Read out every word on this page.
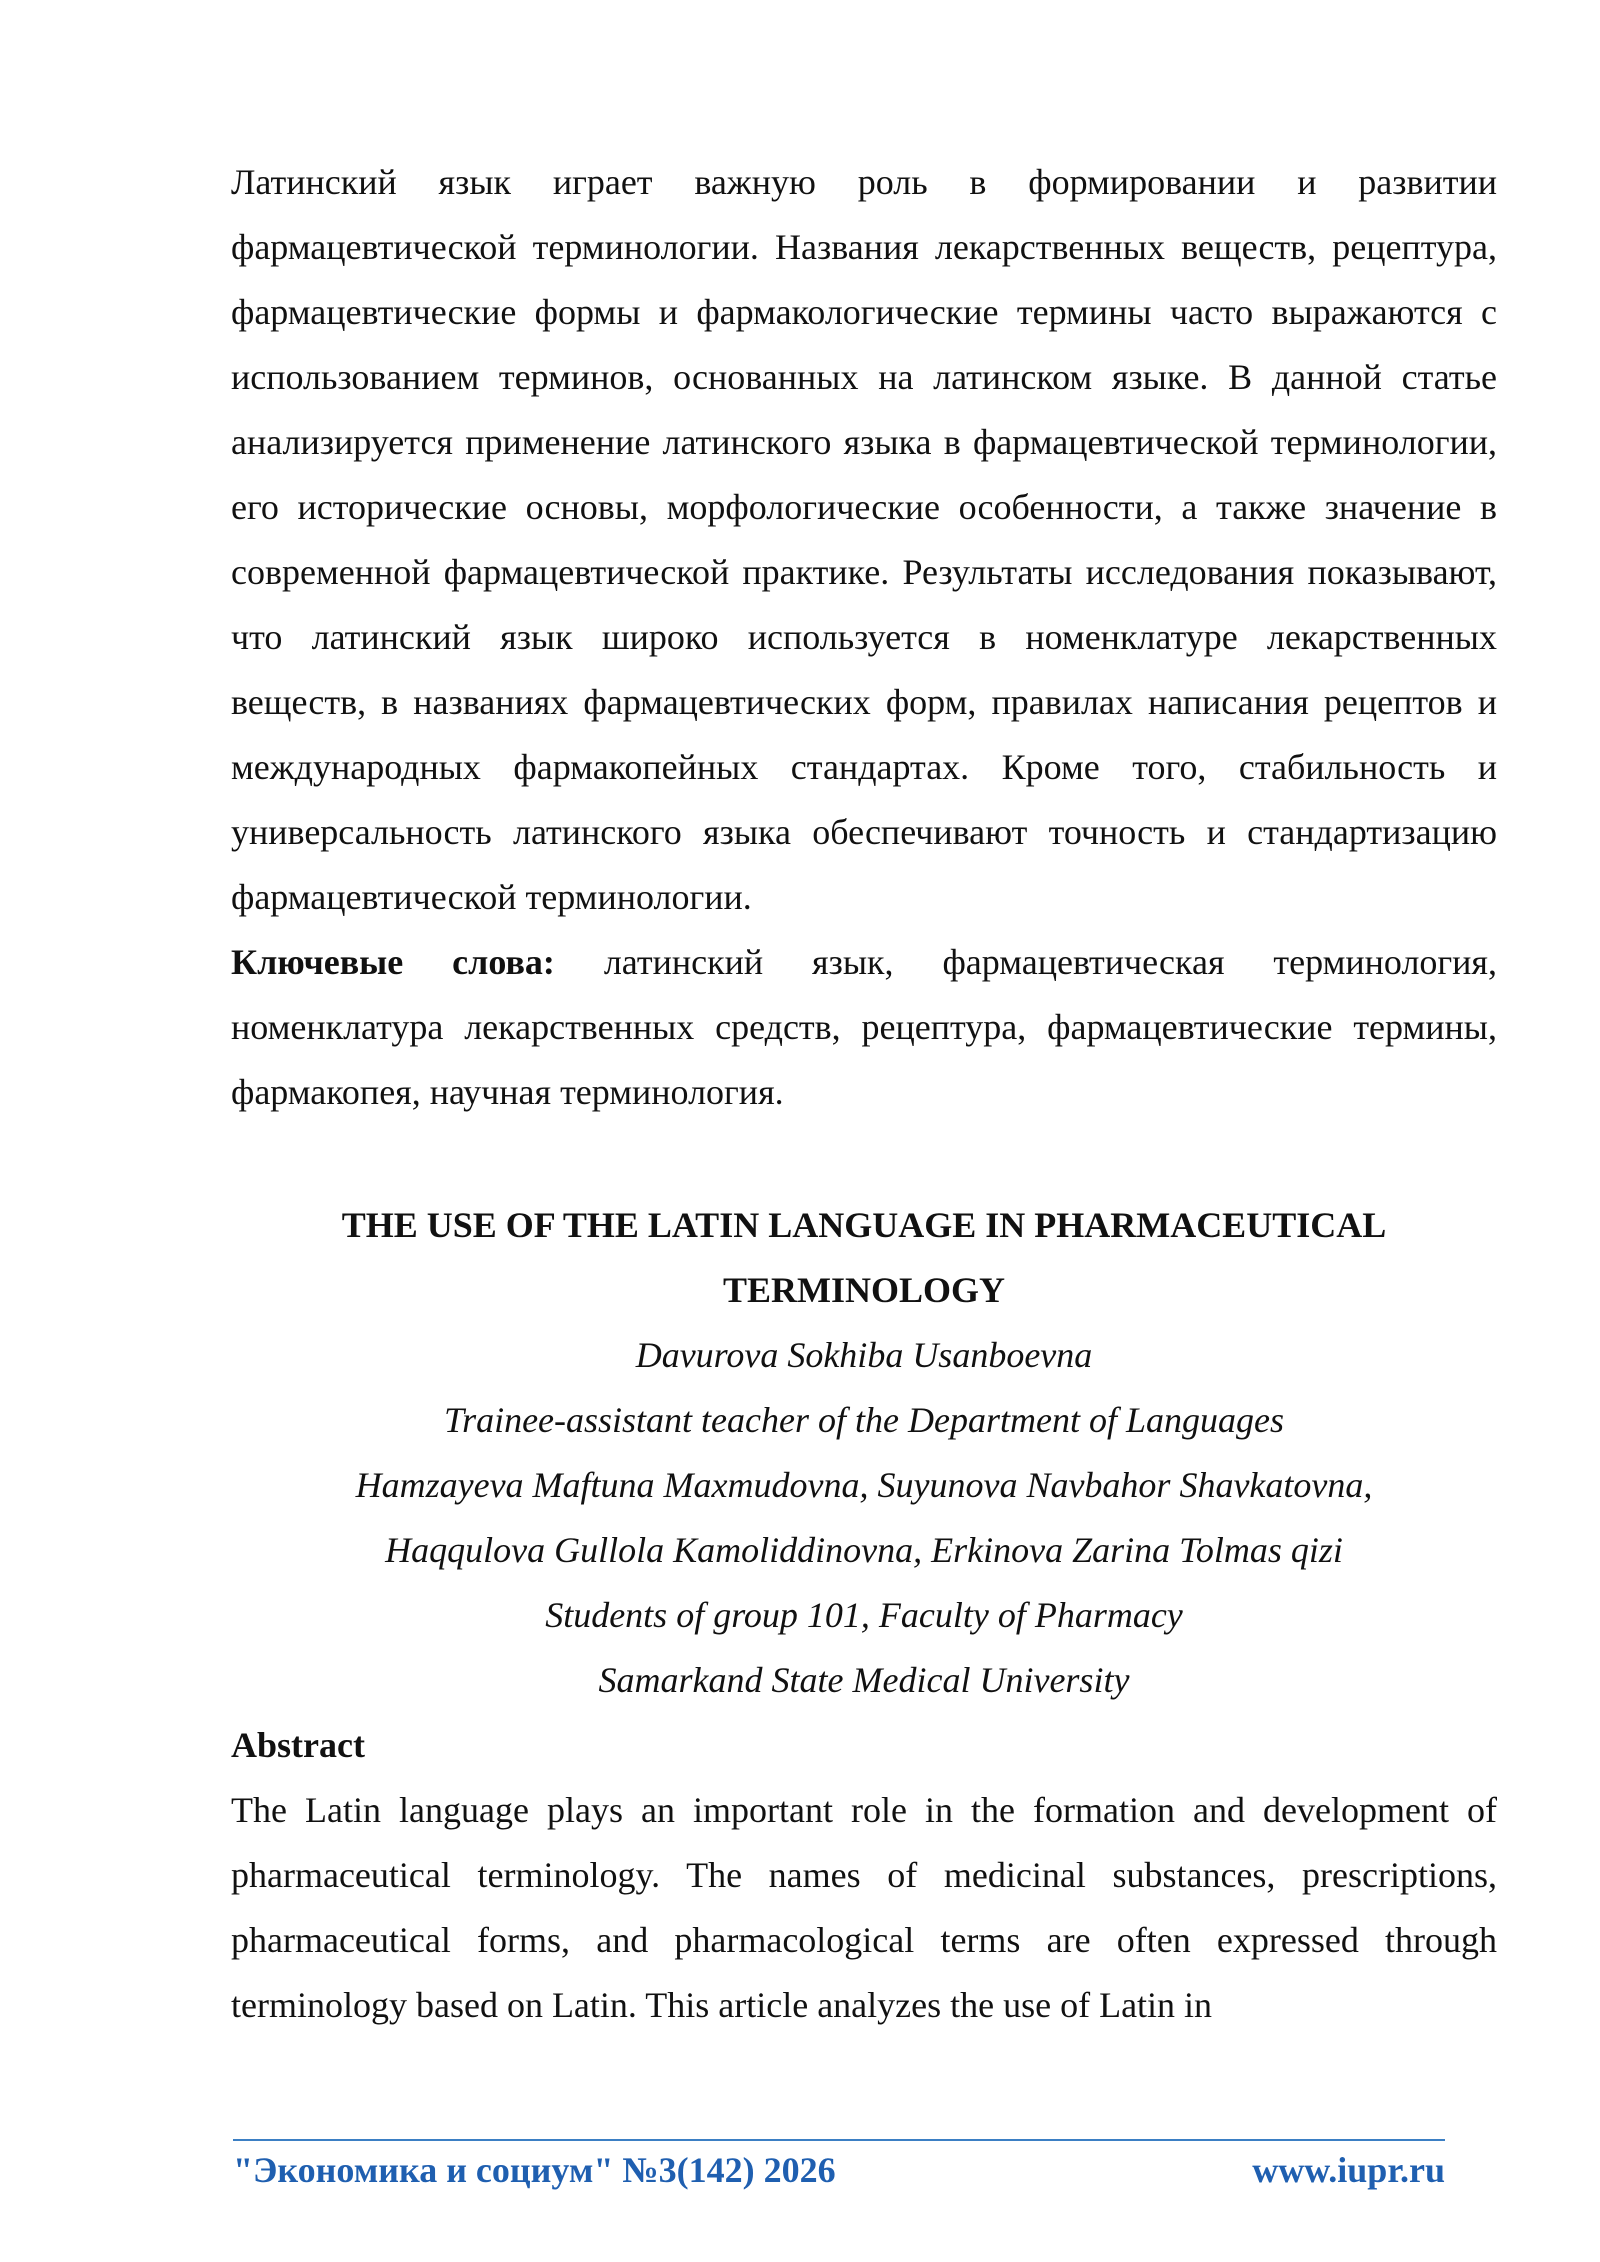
Латинский язык играет важную роль в формировании и развитии фармацевтической терминологии. Названия лекарственных веществ, рецептура, фармацевтические формы и фармакологические термины часто выражаются с использованием терминов, основанных на латинском языке. В данной статье анализируется применение латинского языка в фармацевтической терминологии, его исторические основы, морфологические особенности, а также значение в современной фармацевтической практике. Результаты исследования показывают, что латинский язык широко используется в номенклатуре лекарственных веществ, в названиях фармацевтических форм, правилах написания рецептов и международных фармакопейных стандартах. Кроме того, стабильность и универсальность латинского языка обеспечивают точность и стандартизацию фармацевтической терминологии.

Ключевые слова: латинский язык, фармацевтическая терминология, номенклатура лекарственных средств, рецептура, фармацевтические термины, фармакопея, научная терминология.

THE USE OF THE LATIN LANGUAGE IN PHARMACEUTICAL TERMINOLOGY

Davurova Sokhiba Usanboevna

Trainee-assistant teacher of the Department of Languages

Hamzayeva Maftuna Maxmudovna, Suyunova Navbahor Shavkatovna,

Haqqulova Gullola Kamoliddinovna, Erkinova Zarina Tolmas qizi

Students of group 101, Faculty of Pharmacy

Samarkand State Medical University

Abstract

The Latin language plays an important role in the formation and development of pharmaceutical terminology. The names of medicinal substances, prescriptions, pharmaceutical forms, and pharmacological terms are often expressed through terminology based on Latin. This article analyzes the use of Latin in

"Экономика и социум" №3(142) 2026	www.iupr.ru
